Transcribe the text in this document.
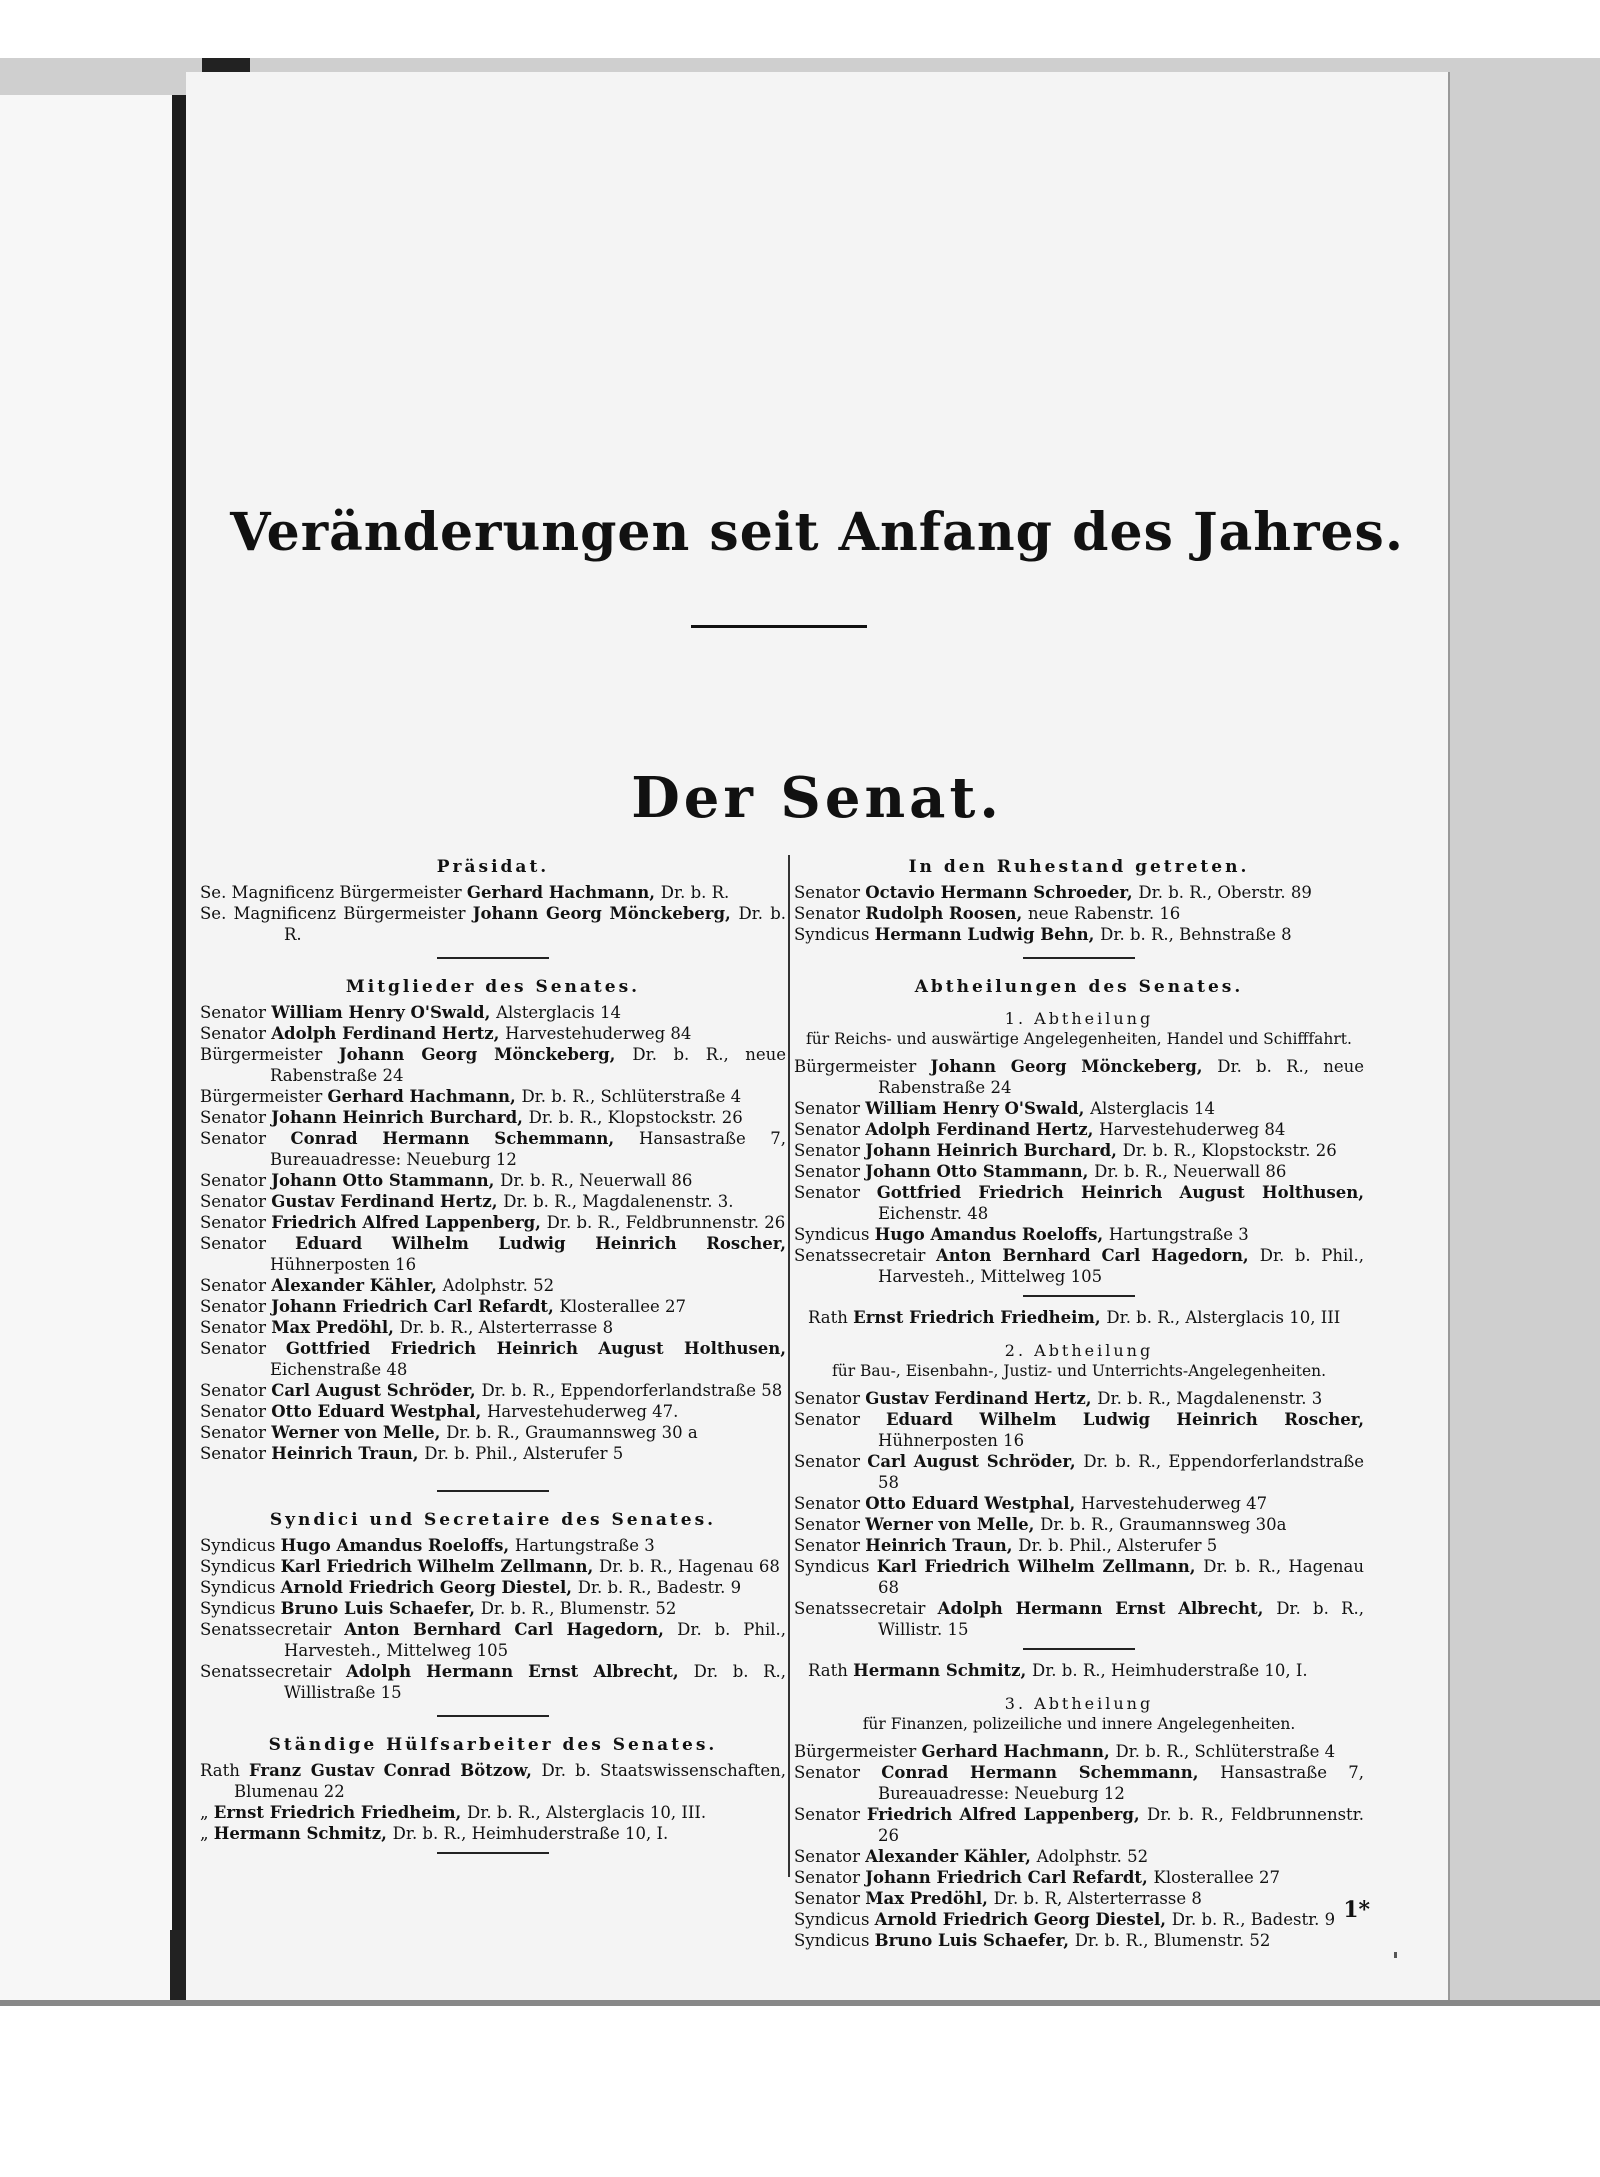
Veränderungen seit Anfang des Jahres.
Der Senat.
Präsidat.

Se. Magnificenz Bürgermeister Gerhard Hachmann, Dr. b. R.

Se. Magnificenz Bürgermeister Johann Georg Mönckeberg, Dr. b. R.

Mitglieder des Senates.

Senator William Henry O'Swald, Alsterglacis 14

Senator Adolph Ferdinand Hertz, Harvestehuderweg 84

Bürgermeister Johann Georg Mönckeberg, Dr. b. R., neue Rabenstraße 24

Bürgermeister Gerhard Hachmann, Dr. b. R., Schlüterstraße 4

Senator Johann Heinrich Burchard, Dr. b. R., Klopstockstr. 26

Senator Conrad Hermann Schemmann, Hansastraße 7, Bureauadresse: Neueburg 12

Senator Johann Otto Stammann, Dr. b. R., Neuerwall 86

Senator Gustav Ferdinand Hertz, Dr. b. R., Magdalenenstr. 3.

Senator Friedrich Alfred Lappenberg, Dr. b. R., Feldbrunnenstr. 26

Senator Eduard Wilhelm Ludwig Heinrich Roscher, Hühnerposten 16

Senator Alexander Kähler, Adolphstr. 52

Senator Johann Friedrich Carl Refardt, Klosterallee 27

Senator Max Predöhl, Dr. b. R., Alsterterrasse 8

Senator Gottfried Friedrich Heinrich August Holthusen, Eichenstraße 48

Senator Carl August Schröder, Dr. b. R., Eppendorferlandstraße 58

Senator Otto Eduard Westphal, Harvestehuderweg 47.

Senator Werner von Melle, Dr. b. R., Graumannsweg 30 a

Senator Heinrich Traun, Dr. b. Phil., Alsterufer 5

Syndici und Secretaire des Senates.

Syndicus Hugo Amandus Roeloffs, Hartungstraße 3

Syndicus Karl Friedrich Wilhelm Zellmann, Dr. b. R., Hagenau 68

Syndicus Arnold Friedrich Georg Diestel, Dr. b. R., Badestr. 9

Syndicus Bruno Luis Schaefer, Dr. b. R., Blumenstr. 52

Senatssecretair Anton Bernhard Carl Hagedorn, Dr. b. Phil., Harvesteh., Mittelweg 105

Senatssecretair Adolph Hermann Ernst Albrecht, Dr. b. R., Willistraße 15

Ständige Hülfsarbeiter des Senates.

Rath Franz Gustav Conrad Bötzow, Dr. b. Staatswissenschaften, Blumenau 22

„ Ernst Friedrich Friedheim, Dr. b. R., Alsterglacis 10, III.

„ Hermann Schmitz, Dr. b. R., Heimhuderstraße 10, I.

In den Ruhestand getreten.

Senator Octavio Hermann Schroeder, Dr. b. R., Oberstr. 89

Senator Rudolph Roosen, neue Rabenstr. 16

Syndicus Hermann Ludwig Behn, Dr. b. R., Behnstraße 8

Abtheilungen des Senates.
1. Abtheilung
für Reichs- und auswärtige Angelegenheiten, Handel und Schifffahrt.

Bürgermeister Johann Georg Mönckeberg, Dr. b. R., neue Rabenstraße 24

Senator William Henry O'Swald, Alsterglacis 14

Senator Adolph Ferdinand Hertz, Harvestehuderweg 84

Senator Johann Heinrich Burchard, Dr. b. R., Klopstockstr. 26

Senator Johann Otto Stammann, Dr. b. R., Neuerwall 86

Senator Gottfried Friedrich Heinrich August Holthusen, Eichenstr. 48

Syndicus Hugo Amandus Roeloffs, Hartungstraße 3

Senatssecretair Anton Bernhard Carl Hagedorn, Dr. b. Phil., Harvesteh., Mittelweg 105

Rath Ernst Friedrich Friedheim, Dr. b. R., Alsterglacis 10, III

2. Abtheilung
für Bau-, Eisenbahn-, Justiz- und Unterrichts-Angelegenheiten.

Senator Gustav Ferdinand Hertz, Dr. b. R., Magdalenenstr. 3

Senator Eduard Wilhelm Ludwig Heinrich Roscher, Hühnerposten 16

Senator Carl August Schröder, Dr. b. R., Eppendorferlandstraße 58

Senator Otto Eduard Westphal, Harvestehuderweg 47

Senator Werner von Melle, Dr. b. R., Graumannsweg 30a

Senator Heinrich Traun, Dr. b. Phil., Alsterufer 5

Syndicus Karl Friedrich Wilhelm Zellmann, Dr. b. R., Hagenau 68

Senatssecretair Adolph Hermann Ernst Albrecht, Dr. b. R., Willistr. 15

Rath Hermann Schmitz, Dr. b. R., Heimhuderstraße 10, I.

3. Abtheilung
für Finanzen, polizeiliche und innere Angelegenheiten.

Bürgermeister Gerhard Hachmann, Dr. b. R., Schlüterstraße 4

Senator Conrad Hermann Schemmann, Hansastraße 7, Bureauadresse: Neueburg 12

Senator Friedrich Alfred Lappenberg, Dr. b. R., Feldbrunnenstr. 26

Senator Alexander Kähler, Adolphstr. 52

Senator Johann Friedrich Carl Refardt, Klosterallee 27

Senator Max Predöhl, Dr. b. R, Alsterterrasse 8

Syndicus Arnold Friedrich Georg Diestel, Dr. b. R., Badestr. 9

Syndicus Bruno Luis Schaefer, Dr. b. R., Blumenstr. 52

1*
